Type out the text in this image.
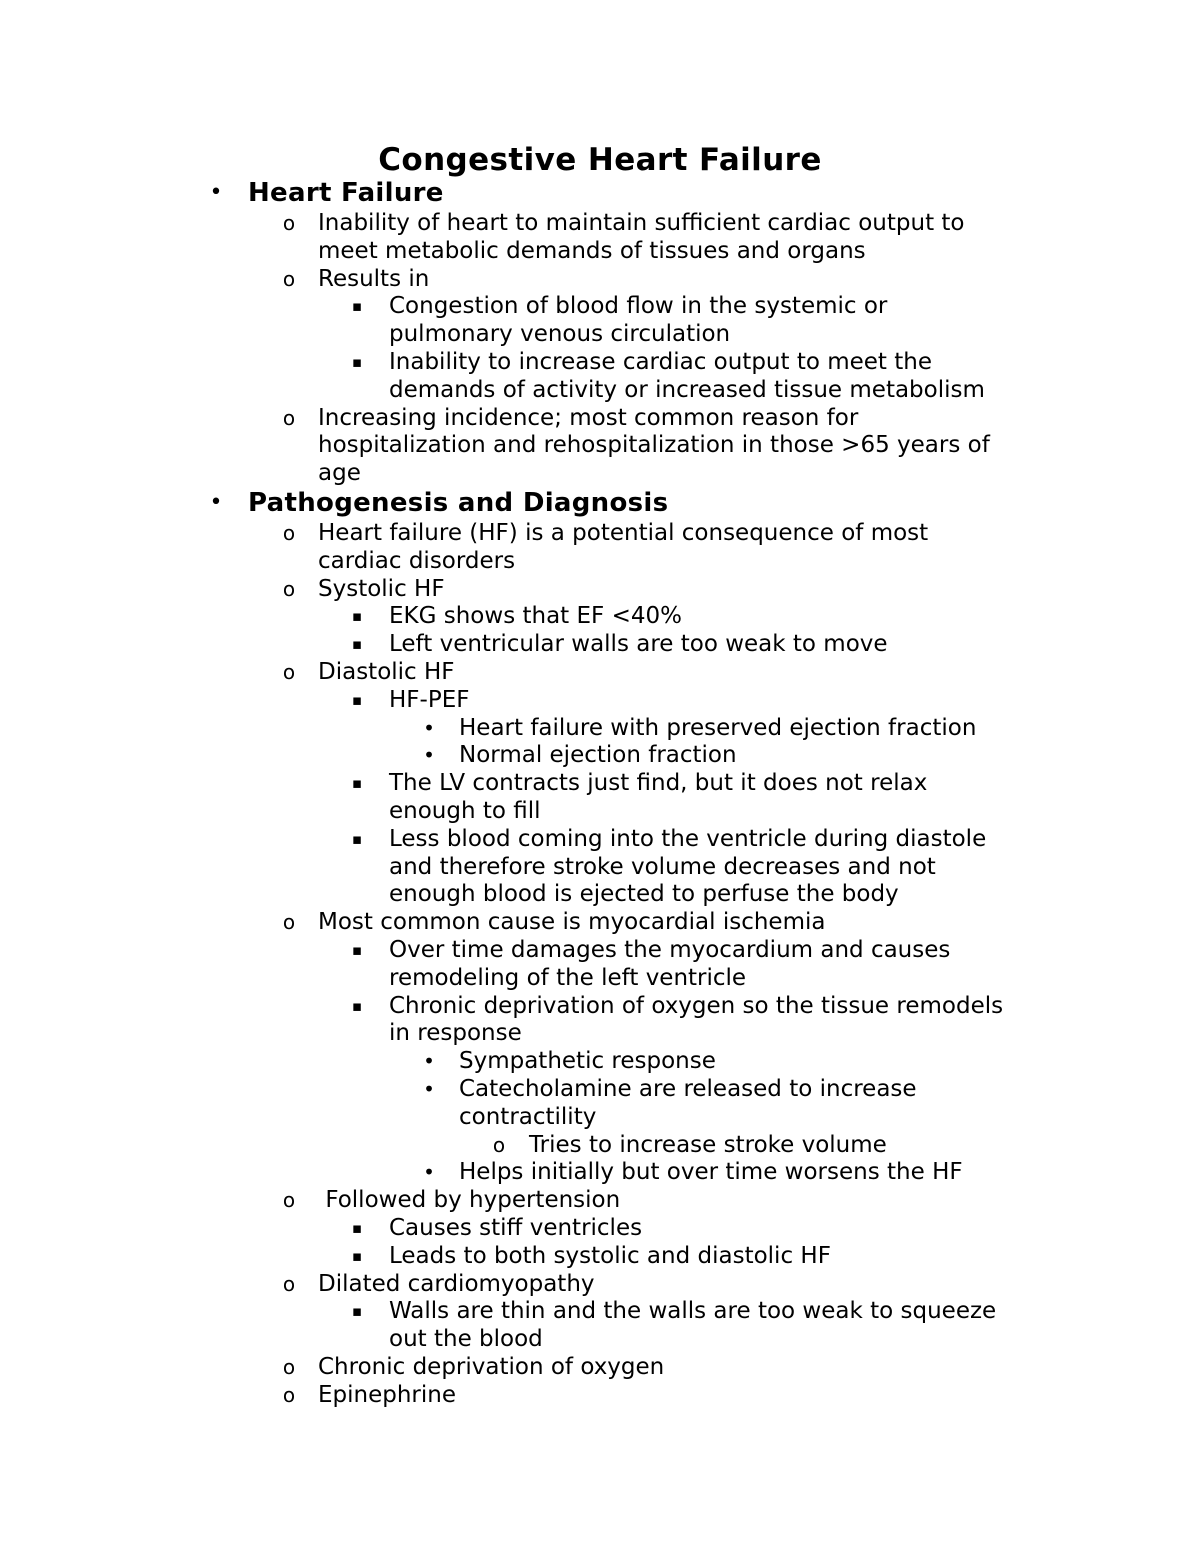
Congestive Heart Failure
• Heart Failure
o Inability of heart to maintain sufficient cardiac output to
meet metabolic demands of tissues and organs
o Results in
▪ Congestion of blood flow in the systemic or
pulmonary venous circulation
▪ Inability to increase cardiac output to meet the
demands of activity or increased tissue metabolism
o Increasing incidence; most common reason for
hospitalization and rehospitalization in those >65 years of
age
• Pathogenesis and Diagnosis
o Heart failure (HF) is a potential consequence of most
cardiac disorders
o Systolic HF
▪ EKG shows that EF <40%
▪ Left ventricular walls are too weak to move
o Diastolic HF
▪ HF-PEF
• Heart failure with preserved ejection fraction
• Normal ejection fraction
▪ The LV contracts just find, but it does not relax
enough to fill
▪ Less blood coming into the ventricle during diastole
and therefore stroke volume decreases and not
enough blood is ejected to perfuse the body
o Most common cause is myocardial ischemia
▪ Over time damages the myocardium and causes
remodeling of the left ventricle
▪ Chronic deprivation of oxygen so the tissue remodels
in response
• Sympathetic response
• Catecholamine are released to increase
contractility
o Tries to increase stroke volume
• Helps initially but over time worsens the HF
o Followed by hypertension
▪ Causes stiff ventricles
▪ Leads to both systolic and diastolic HF
o Dilated cardiomyopathy
▪ Walls are thin and the walls are too weak to squeeze
out the blood
o Chronic deprivation of oxygen
o Epinephrine
